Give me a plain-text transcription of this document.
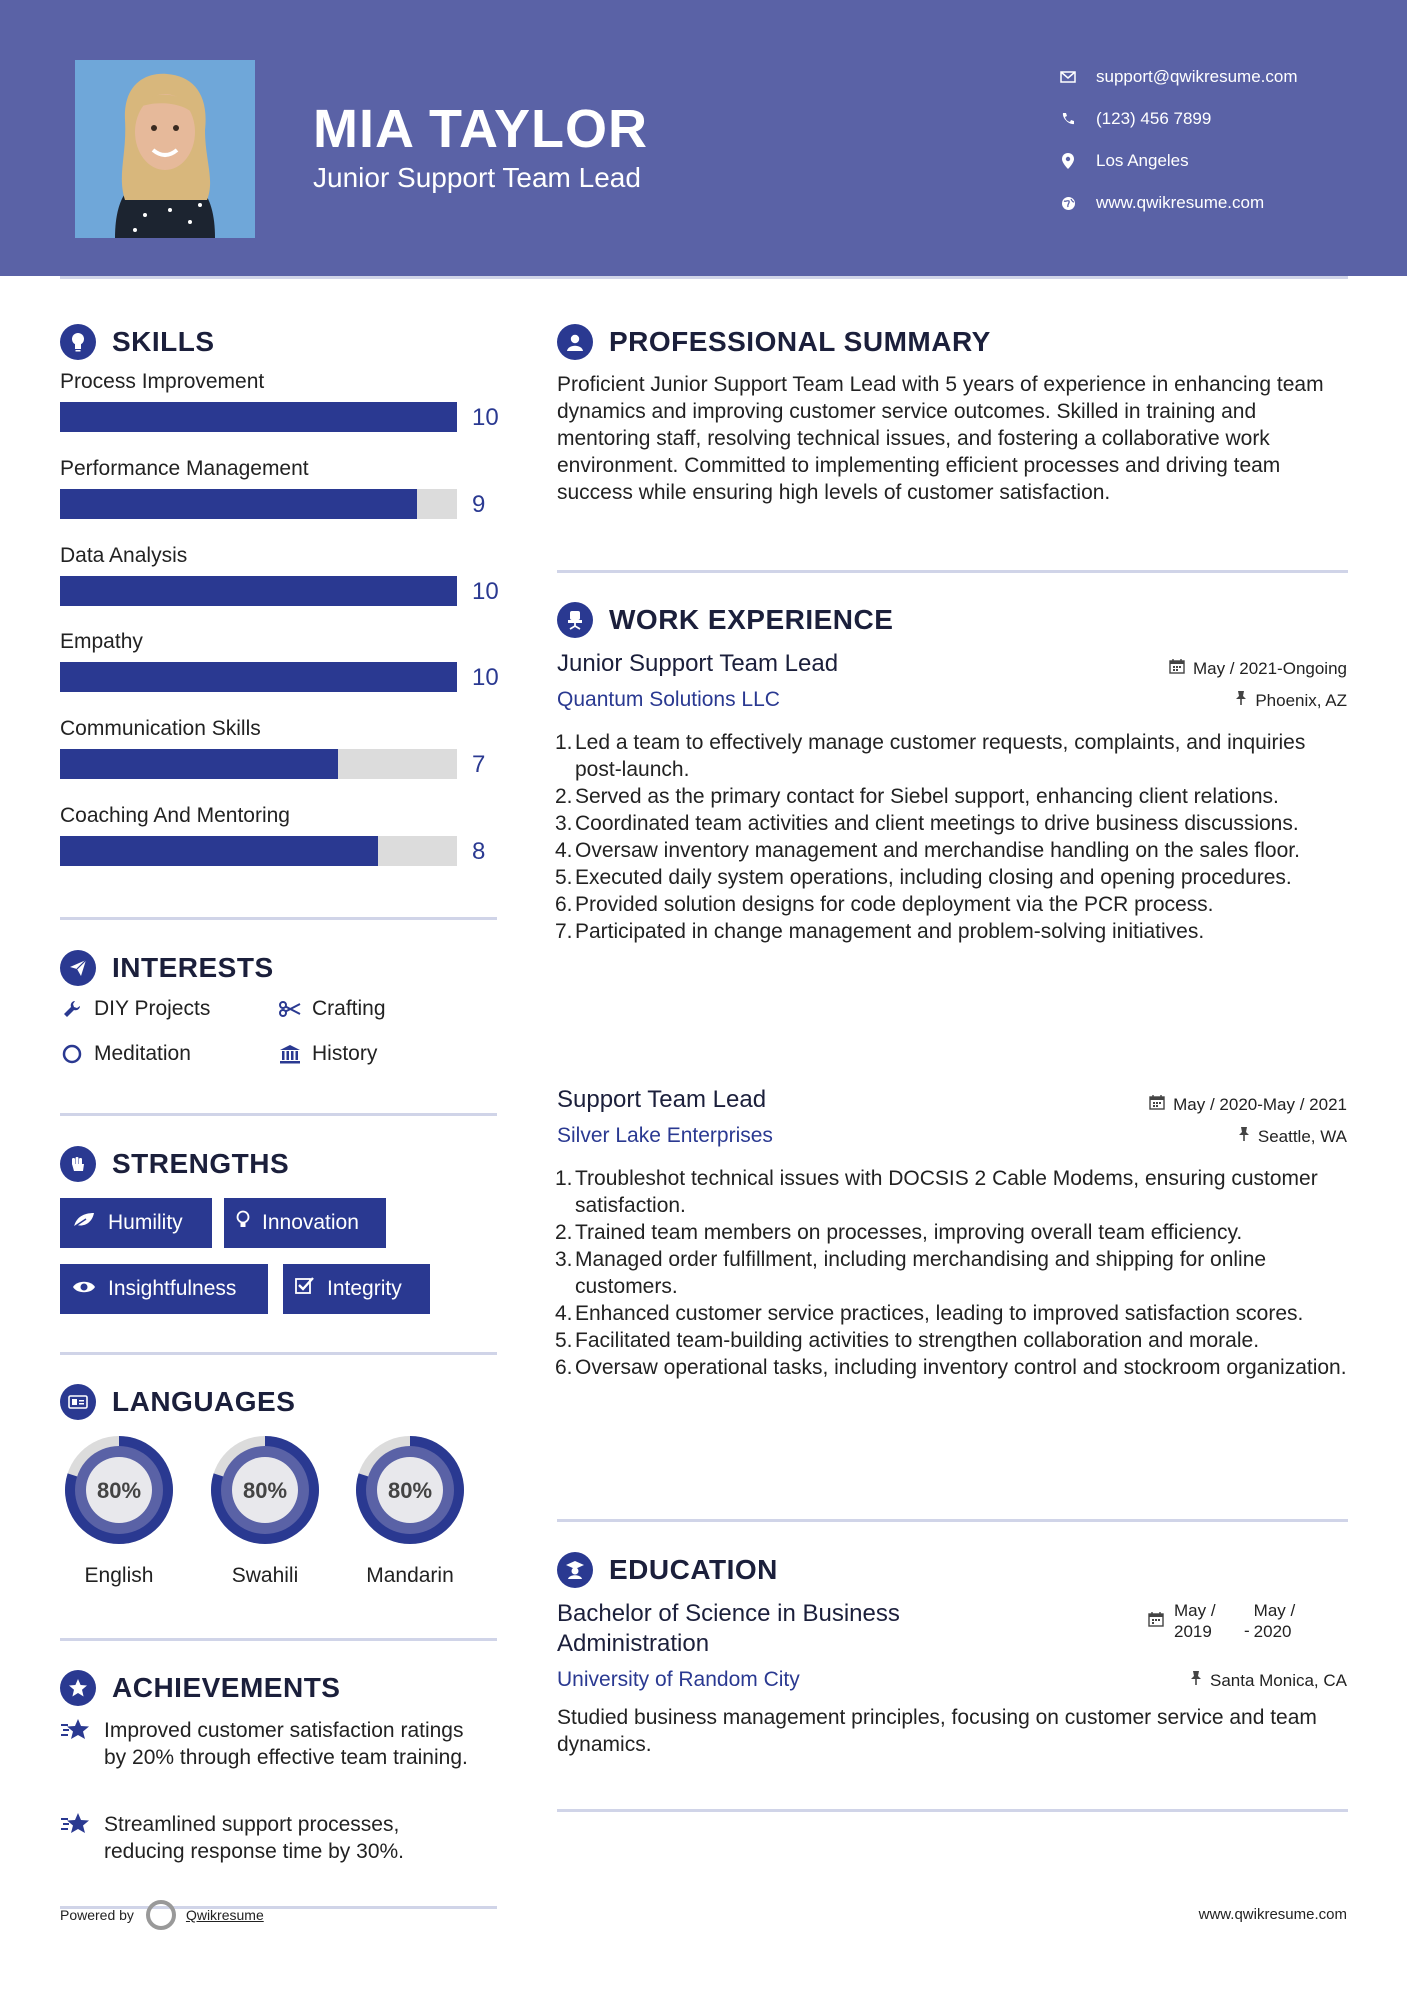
MIA TAYLOR
Junior Support Team Lead
support@qwikresume.com
(123) 456 7899
Los Angeles
www.qwikresume.com
SKILLS
Process Improvement
10
Performance Management
9
Data Analysis
10
Empathy
10
Communication Skills
7
Coaching And Mentoring
8
INTERESTS
DIY Projects	Crafting
Meditation	History
STRENGTHS
Humility	Innovation
Insightfulness	Integrity
LANGUAGES
80%
English
80%
Swahili
80%
Mandarin
ACHIEVEMENTS
Improved customer satisfaction ratings by 20% through effective team training.
Streamlined support processes, reducing response time by 30%.
PROFESSIONAL SUMMARY
Proficient Junior Support Team Lead with 5 years of experience in enhancing team dynamics and improving customer service outcomes. Skilled in training and mentoring staff, resolving technical issues, and fostering a collaborative work environment. Committed to implementing efficient processes and driving team success while ensuring high levels of customer satisfaction.
WORK EXPERIENCE
Junior Support Team Lead	May / 2021-Ongoing
Quantum Solutions LLC	Phoenix, AZ
1. Led a team to effectively manage customer requests, complaints, and inquiries post-launch.
2. Served as the primary contact for Siebel support, enhancing client relations.
3. Coordinated team activities and client meetings to drive business discussions.
4. Oversaw inventory management and merchandise handling on the sales floor.
5. Executed daily system operations, including closing and opening procedures.
6. Provided solution designs for code deployment via the PCR process.
7. Participated in change management and problem-solving initiatives.
Support Team Lead	May / 2020-May / 2021
Silver Lake Enterprises	Seattle, WA
1. Troubleshot technical issues with DOCSIS 2 Cable Modems, ensuring customer satisfaction.
2. Trained team members on processes, improving overall team efficiency.
3. Managed order fulfillment, including merchandising and shipping for online customers.
4. Enhanced customer service practices, leading to improved satisfaction scores.
5. Facilitated team-building activities to strengthen collaboration and morale.
6. Oversaw operational tasks, including inventory control and stockroom organization.
EDUCATION
Bachelor of Science in Business
Administration
May / 2019	-
May / 2020
University of Random City	Santa Monica, CA
Studied business management principles, focusing on customer service and team dynamics.
Powered by	Qwikresume	www.qwikresume.com
